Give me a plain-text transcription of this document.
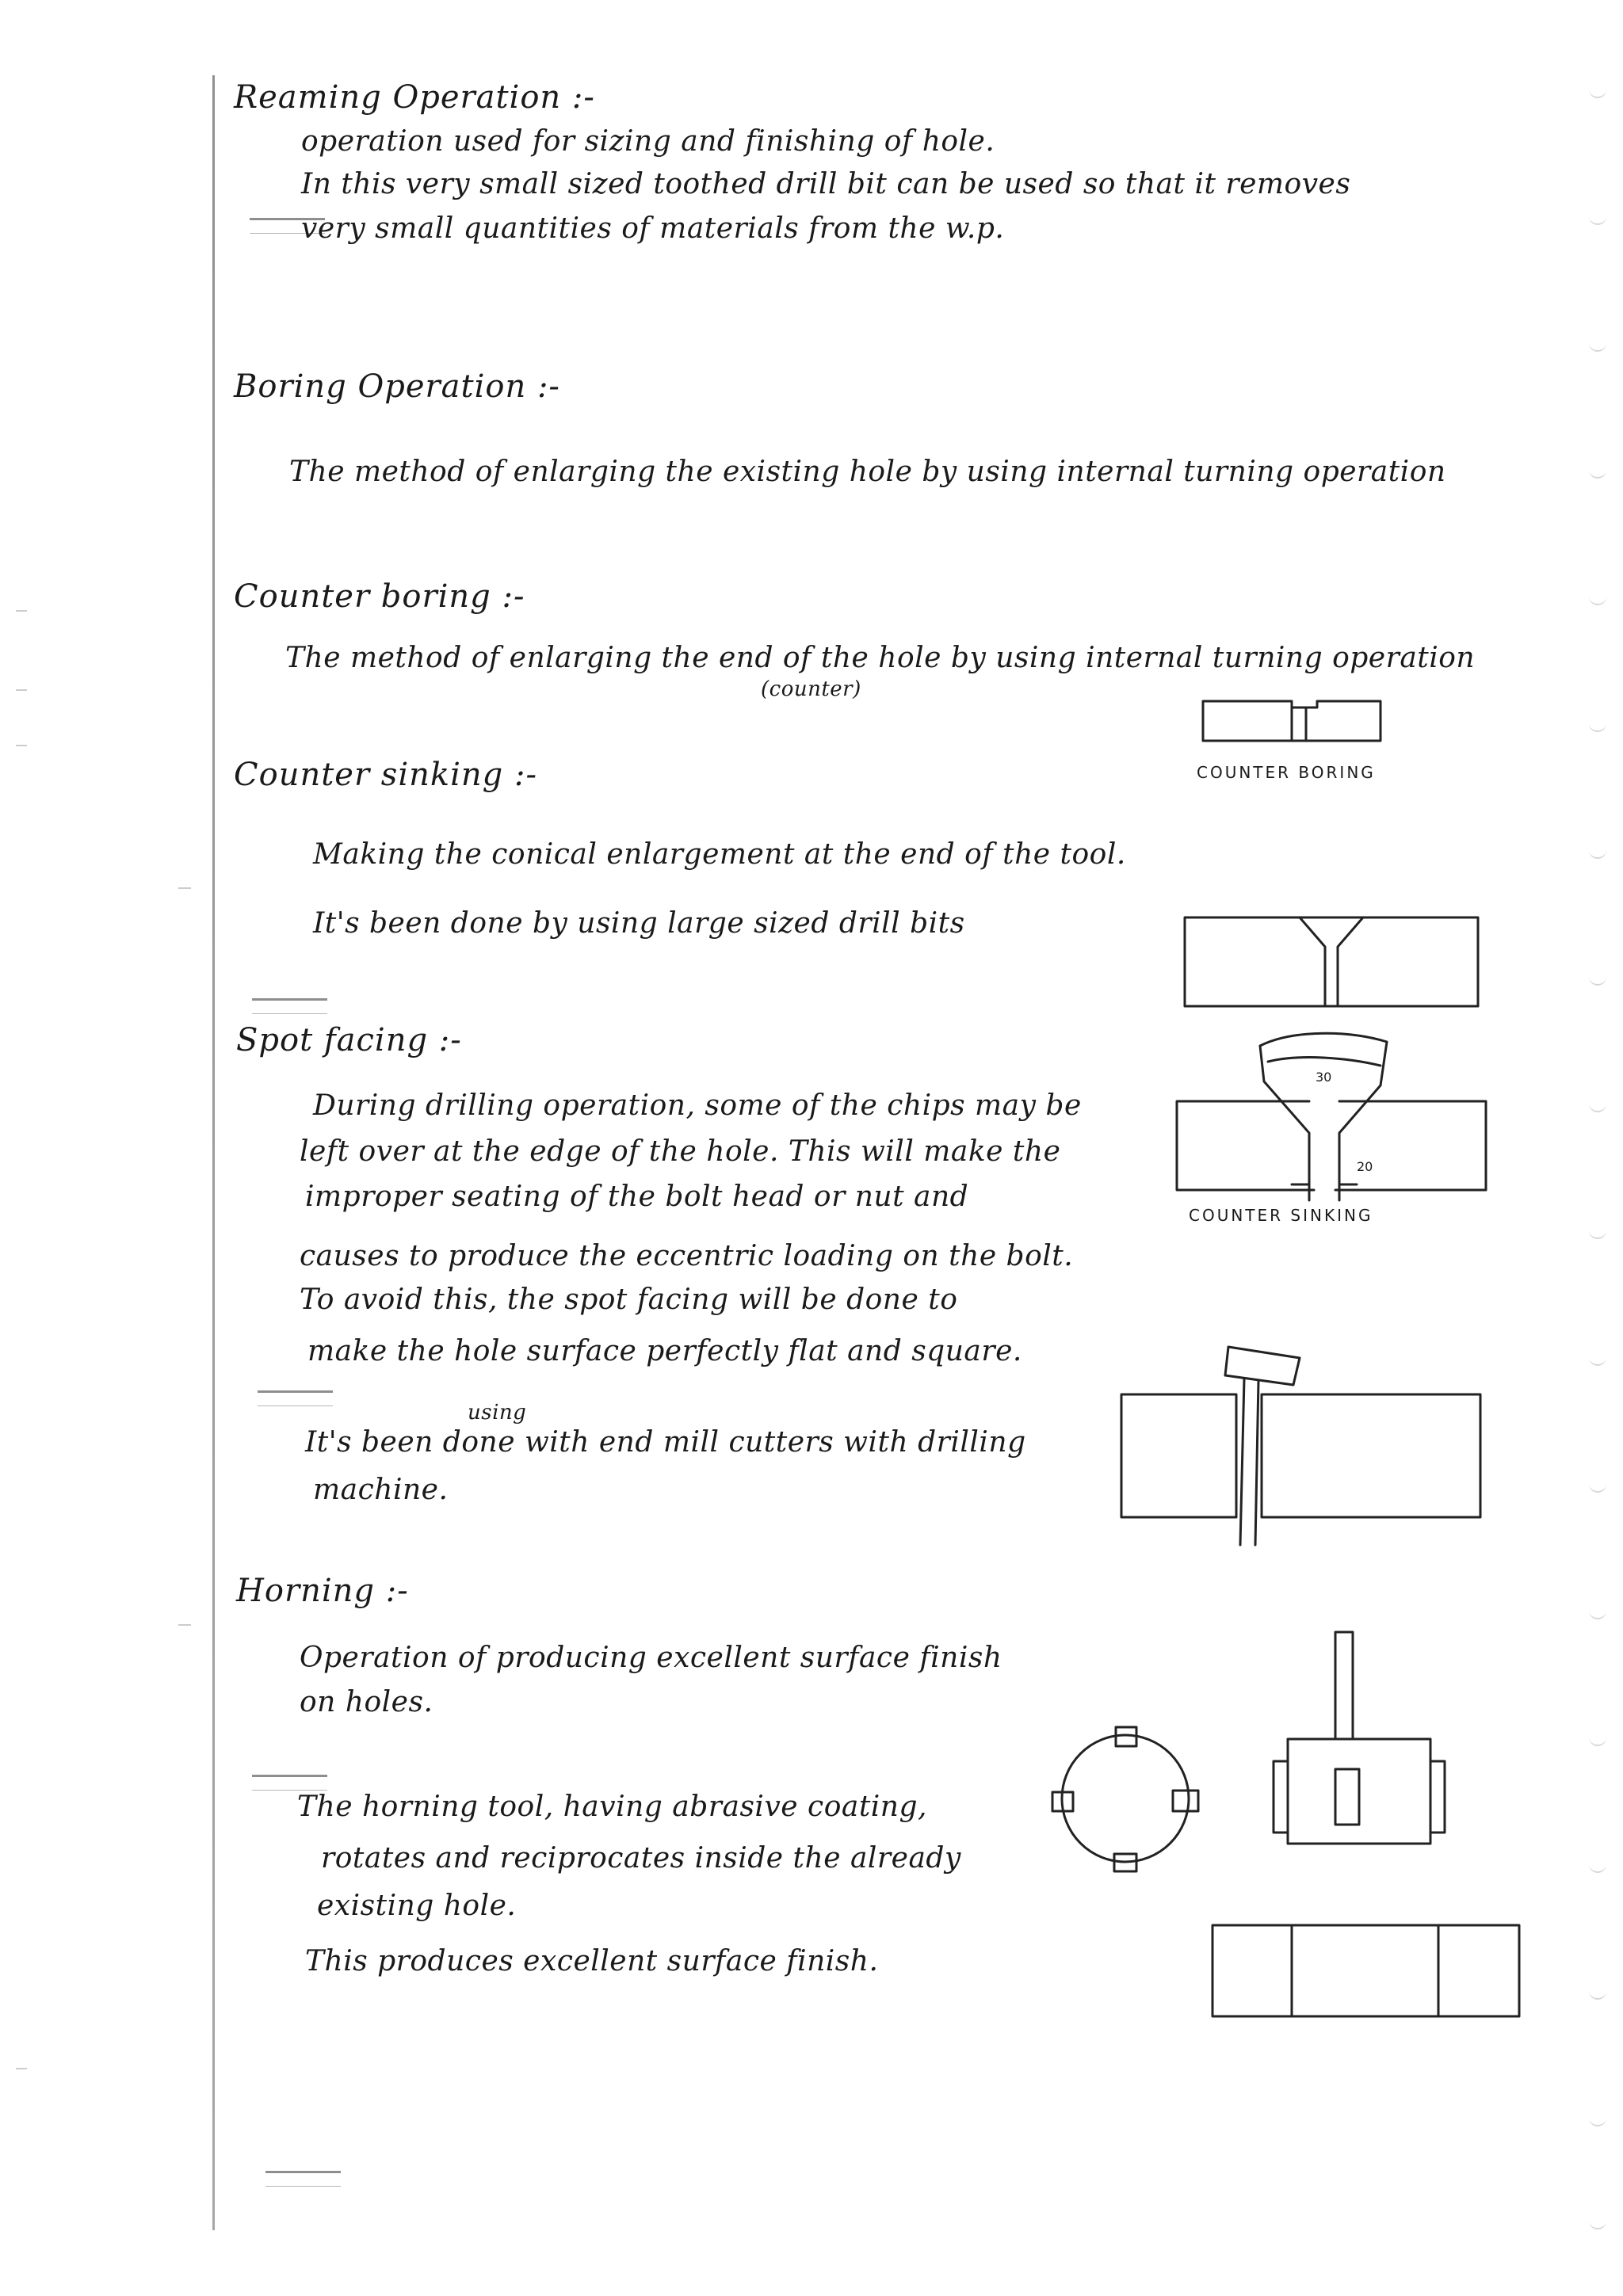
Reaming Operation :-
operation used for sizing and finishing of hole.
In this very small sized toothed drill bit can be used so that it removes
very small quantities of materials from the w.p.
Boring Operation :-
The method of enlarging the existing hole by using internal turning operation
Counter boring :-
The method of enlarging the end of the hole by using internal turning operation
(counter)
COUNTER BORING
Counter sinking :-
Making the conical enlargement at the end of the tool.
It's been done by using large sized drill bits
Spot facing :-
During drilling operation, some of the chips may be
left over at the edge of the hole. This will make the
improper seating of the bolt head or nut and
causes to produce the eccentric loading on the bolt.
To avoid this, the spot facing will be done to
make the hole surface perfectly flat and square.
using
It's been done with end mill cutters with drilling
machine.
30
20
COUNTER SINKING
Horning :-
Operation of producing excellent surface finish
on holes.
The horning tool, having abrasive coating,
rotates and reciprocates inside the already
existing hole.
This produces excellent surface finish.
